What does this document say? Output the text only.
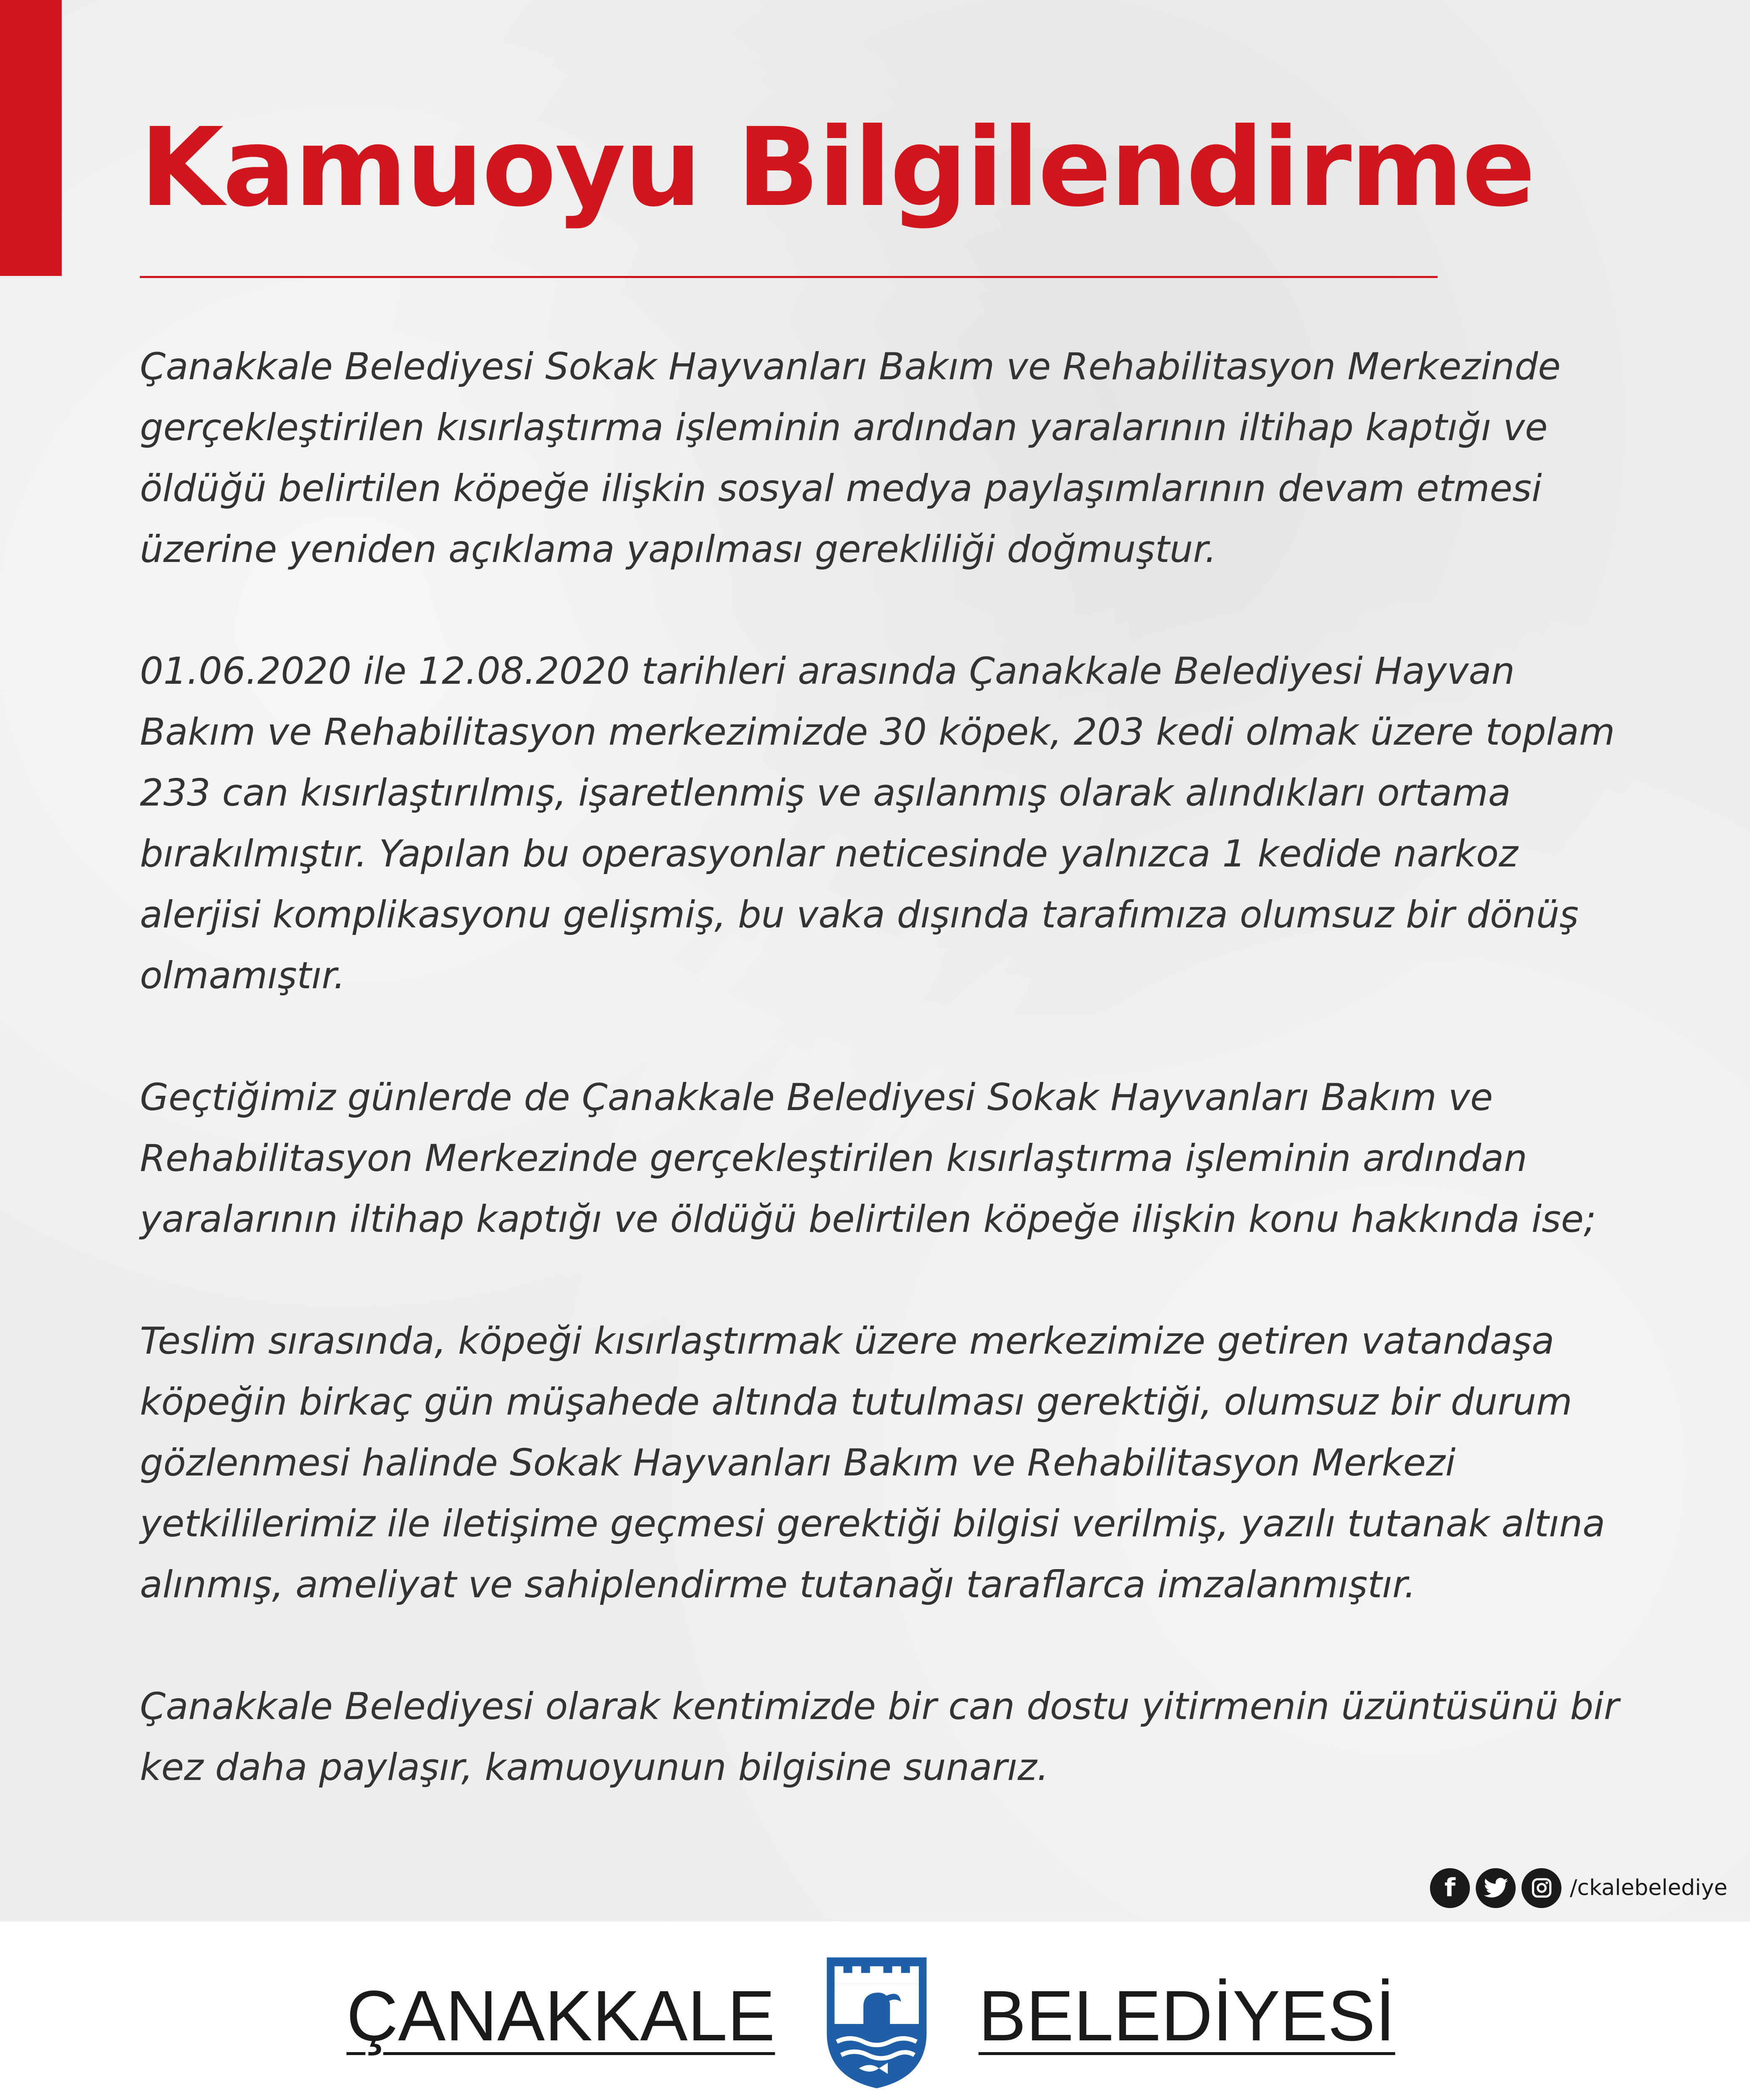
Kamuoyu Bilgilendirme

Çanakkale Belediyesi Sokak Hayvanları Bakım ve Rehabilitasyon Merkezinde gerçekleştirilen kısırlaştırma işleminin ardından yaralarının iltihap kaptığı ve öldüğü belirtilen köpeğe ilişkin sosyal medya paylaşımlarının devam etmesi üzerine yeniden açıklama yapılması gerekliliği doğmuştur.

01.06.2020 ile 12.08.2020 tarihleri arasında Çanakkale Belediyesi Hayvan Bakım ve Rehabilitasyon merkezimizde 30 köpek, 203 kedi olmak üzere toplam 233 can kısırlaştırılmış, işaretlenmiş ve aşılanmış olarak alındıkları ortama bırakılmıştır. Yapılan bu operasyonlar neticesinde yalnızca 1 kedide narkoz alerjisi komplikasyonu gelişmiş, bu vaka dışında tarafımıza olumsuz bir dönüş olmamıştır.

Geçtiğimiz günlerde de Çanakkale Belediyesi Sokak Hayvanları Bakım ve Rehabilitasyon Merkezinde gerçekleştirilen kısırlaştırma işleminin ardından yaralarının iltihap kaptığı ve öldüğü belirtilen köpeğe ilişkin konu hakkında ise;

Teslim sırasında, köpeği kısırlaştırmak üzere merkezimize getiren vatandaşa köpeğin birkaç gün müşahede altında tutulması gerektiği, olumsuz bir durum gözlenmesi halinde Sokak Hayvanları Bakım ve Rehabilitasyon Merkezi yetkililerimiz ile iletişime geçmesi gerektiği bilgisi verilmiş, yazılı tutanak altına alınmış, ameliyat ve sahiplendirme tutanağı taraflarca imzalanmıştır.

Çanakkale Belediyesi olarak kentimizde bir can dostu yitirmenin üzüntüsünü bir kez daha paylaşır, kamuoyunun bilgisine sunarız.

f	/ckalebelediye
ÇANAKKALE	BELEDİYESİ
